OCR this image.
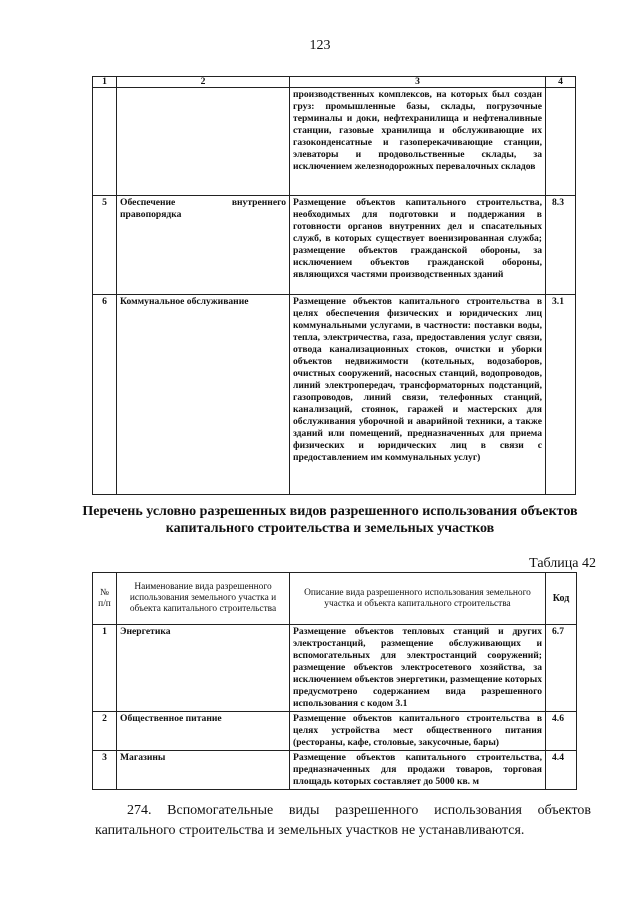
123
1	2	3	4
		производственных комплексов, на которых был создан груз: промышленные базы, склады, погрузочные терминалы и доки, нефтехранилища и нефтеналивные станции, газовые хранилища и обслуживающие их газоконденсатные и газоперекачивающие станции, элеваторы и продовольственные склады, за исключением железнодорожных перевалочных складов	
5	Обеспечение внутреннего правопорядка	Размещение объектов капитального строительства, необходимых для подготовки и поддержания в готовности органов внутренних дел и спасательных служб, в которых существует военизированная служба; размещение объектов гражданской обороны, за исключением объектов гражданской обороны, являющихся частями производственных зданий	8.3
6	Коммунальное обслуживание	Размещение объектов капитального строительства в целях обеспечения физических и юридических лиц коммунальными услугами, в частности: поставки воды, тепла, электричества, газа, предоставления услуг связи, отвода канализационных стоков, очистки и уборки объектов недвижимости (котельных, водозаборов, очистных сооружений, насосных станций, водопроводов, линий электропередач, трансформаторных подстанций, газопроводов, линий связи, телефонных станций, канализаций, стоянок, гаражей и мастерских для обслуживания уборочной и аварийной техники, а также зданий или помещений, предназначенных для приема физических и юридических лиц в связи с предоставлением им коммунальных услуг)	3.1
Перечень условно разрешенных видов разрешенного использования объектов капитального строительства и земельных участков
Таблица 42
№ п/п	Наименование вида разрешенного использования земельного участка и объекта капитального строительства	Описание вида разрешенного использования земельного участка и объекта капитального строительства	Код
1	Энергетика	Размещение объектов тепловых станций и других электростанций, размещение обслуживающих и вспомогательных для электростанций сооружений; размещение объектов электросетевого хозяйства, за исключением объектов энергетики, размещение которых предусмотрено содержанием вида разрешенного использования с кодом 3.1	6.7
2	Общественное питание	Размещение объектов капитального строительства в целях устройства мест общественного питания (рестораны, кафе, столовые, закусочные, бары)	4.6
3	Магазины	Размещение объектов капитального строительства, предназначенных для продажи товаров, торговая площадь которых составляет до 5000 кв. м	4.4
274. Вспомогательные виды разрешенного использования объектов капитального строительства и земельных участков не устанавливаются.
